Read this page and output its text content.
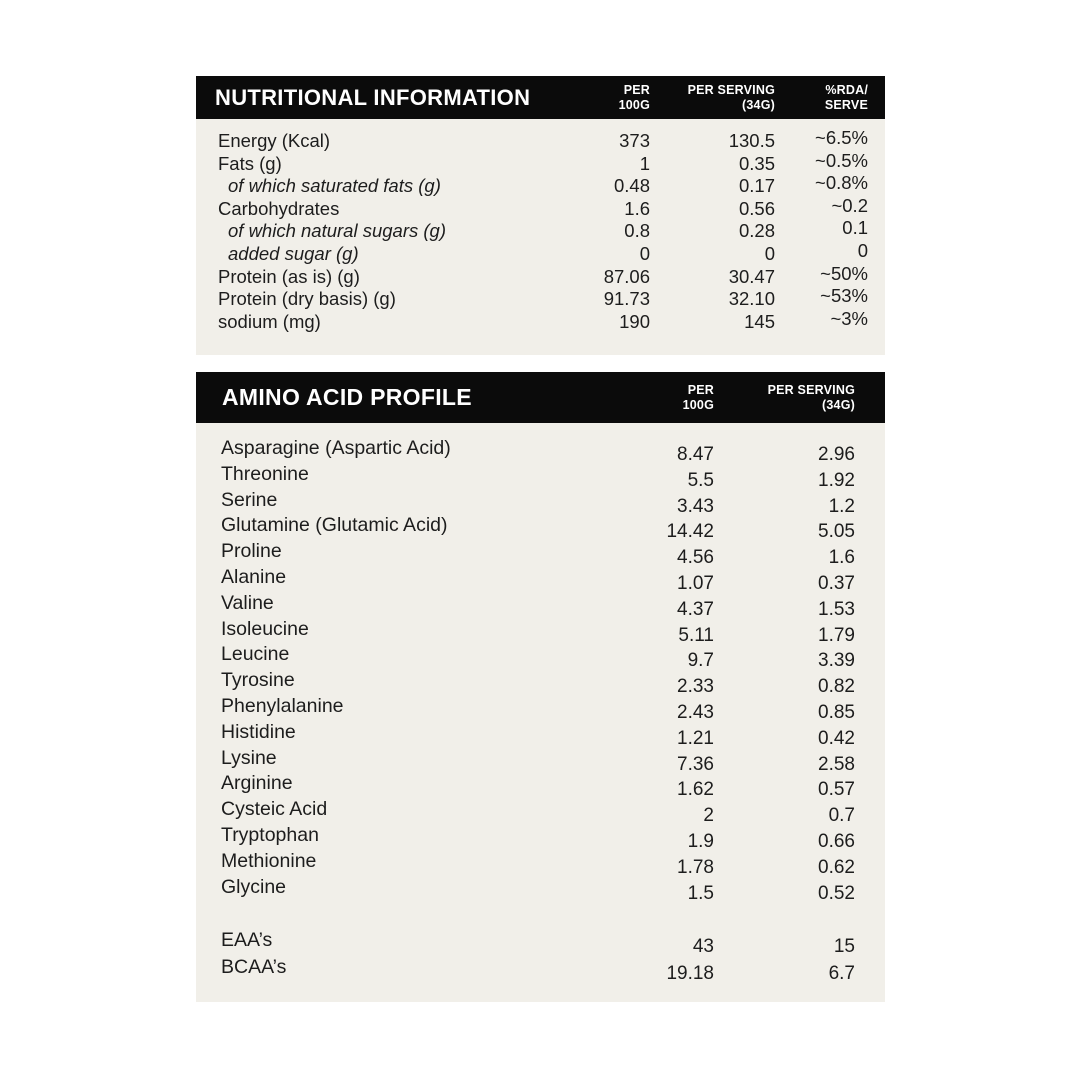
NUTRITIONAL INFORMATION	PER
100G
PER SERVING
(34G)
%RDA/
SERVE
Energy (Kcal)	373	130.5	~6.5%
Fats (g)	1	0.35	~0.5%
of which saturated fats (g)	0.48	0.17	~0.8%
Carbohydrates	1.6	0.56	~0.2
of which natural sugars (g)	0.8	0.28	0.1
added sugar (g)	0	0	0
Protein (as is) (g)	87.06	30.47	~50%
Protein (dry basis) (g)	91.73	32.10	~53%
sodium (mg)	190	145	~3%
AMINO ACID PROFILE	PER
100G
PER SERVING
(34G)
Asparagine (Aspartic Acid)	8.47	2.96
Threonine	5.5	1.92
Serine	3.43	1.2
Glutamine (Glutamic Acid)	14.42	5.05
Proline	4.56	1.6
Alanine	1.07	0.37
Valine	4.37	1.53
Isoleucine	5.11	1.79
Leucine	9.7	3.39
Tyrosine	2.33	0.82
Phenylalanine	2.43	0.85
Histidine	1.21	0.42
Lysine	7.36	2.58
Arginine	1.62	0.57
Cysteic Acid	2	0.7
Tryptophan	1.9	0.66
Methionine	1.78	0.62
Glycine	1.5	0.52
EAA’s	43	15
BCAA’s	19.18	6.7
